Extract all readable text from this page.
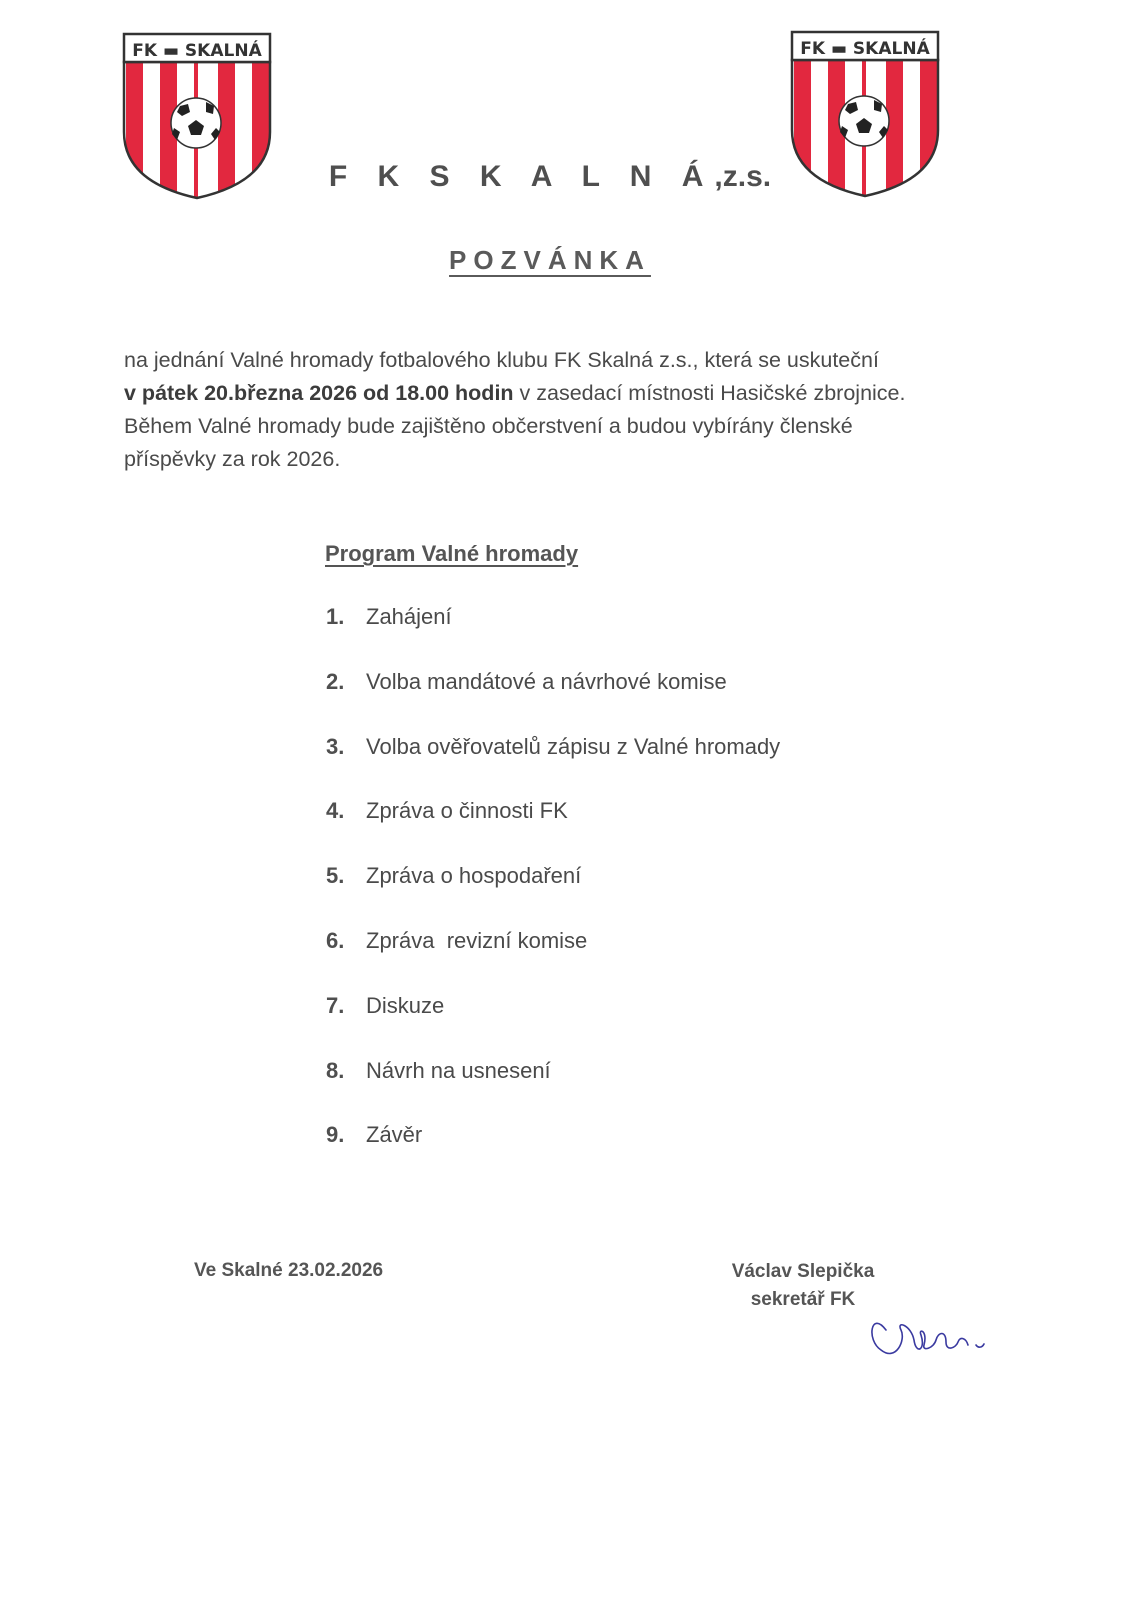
FK ▬ SKALNÁ	FK ▬ SKALNÁ
F K S K A L N Á,z.s.
POZVÁNKA

na jednání Valné hromady fotbalového klubu FK Skalná z.s., která se uskuteční

v pátek 20.března 2026 od 18.00 hodin v zasedací místnosti Hasičské zbrojnice.

Během Valné hromady bude zajištěno občerstvení a budou vybírány členské

příspěvky za rok 2026.

Program Valné hromady
1. Zahájení
2. Volba mandátové a návrhové komise
3. Volba ověřovatelů zápisu z Valné hromady
4. Zpráva o činnosti FK
5. Zpráva o hospodaření
6. Zpráva  revizní komise
7. Diskuze
8. Návrh na usnesení
9. Závěr
Ve Skalné 23.02.2026	Václav Slepička
sekretář FK
